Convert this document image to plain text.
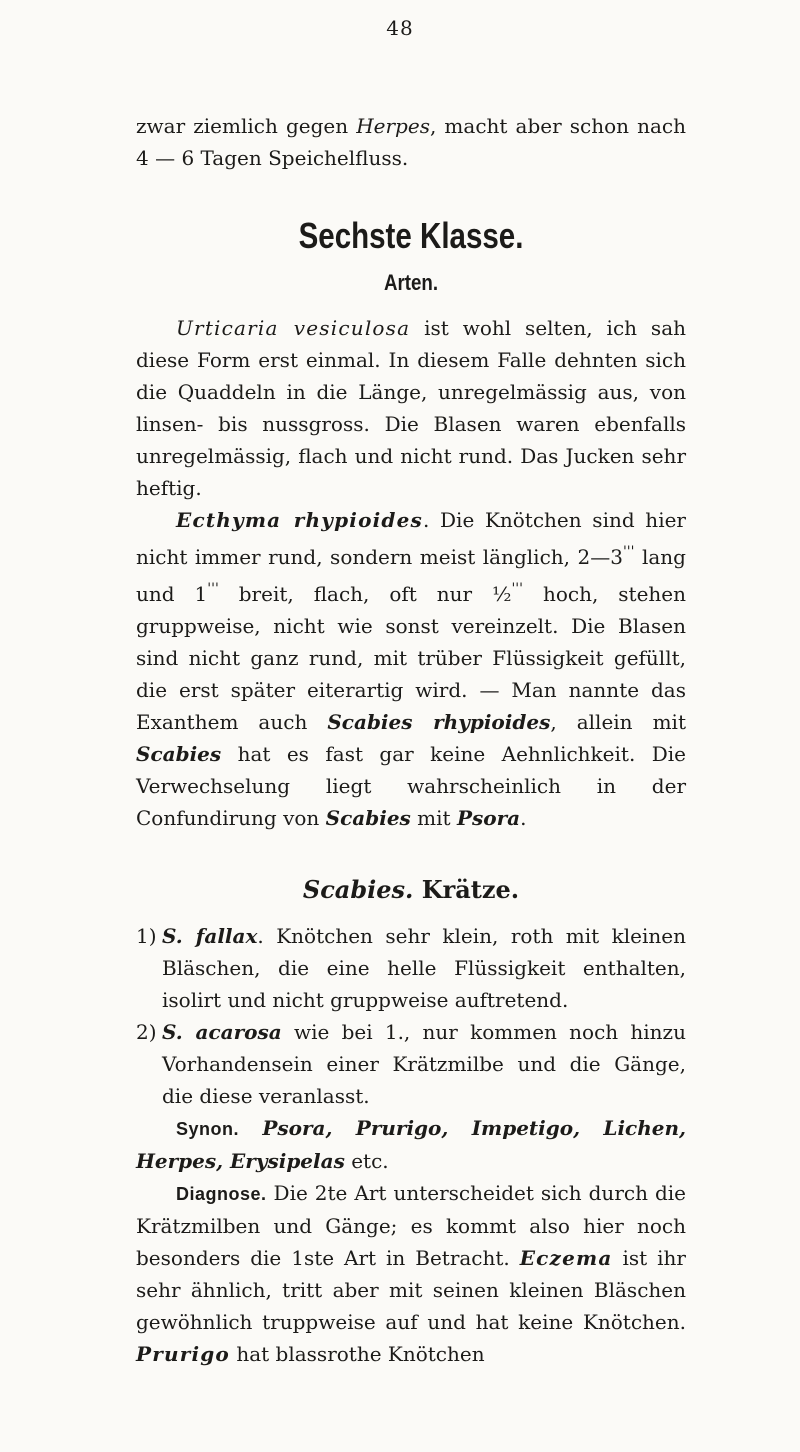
48

zwar ziemlich gegen Herpes, macht aber schon nach 4 — 6 Tagen Speichelfluss.

Sechste Klasse.
Arten.

Urticaria vesiculosa ist wohl selten, ich sah diese Form erst einmal. In diesem Falle dehnten sich die Quaddeln in die Länge, unregelmässig aus, von linsen- bis nussgross. Die Blasen waren ebenfalls unregelmässig, flach und nicht rund. Das Jucken sehr heftig.

Ecthyma rhypioides. Die Knötchen sind hier nicht immer rund, sondern meist länglich, 2—3''' lang und 1''' breit, flach, oft nur ½''' hoch, stehen gruppweise, nicht wie sonst vereinzelt. Die Blasen sind nicht ganz rund, mit trüber Flüssigkeit gefüllt, die erst später eiterartig wird. — Man nannte das Exanthem auch Scabies rhypioides, allein mit Scabies hat es fast gar keine Aehnlichkeit. Die Verwechselung liegt wahrscheinlich in der Confundirung von Scabies mit Psora.

Scabies. Krätze.

1) S. fallax. Knötchen sehr klein, roth mit kleinen Bläschen, die eine helle Flüssigkeit enthalten, isolirt und nicht gruppweise auftretend.

2) S. acarosa wie bei 1., nur kommen noch hinzu Vorhandensein einer Krätzmilbe und die Gänge, die diese veranlasst.

Synon. Psora, Prurigo, Impetigo, Lichen, Herpes, Erysipelas etc.

Diagnose. Die 2te Art unterscheidet sich durch die Krätzmilben und Gänge; es kommt also hier noch besonders die 1ste Art in Betracht. Eczema ist ihr sehr ähnlich, tritt aber mit seinen kleinen Bläschen gewöhnlich truppweise auf und hat keine Knötchen. Prurigo hat blassrothe Knötchen
